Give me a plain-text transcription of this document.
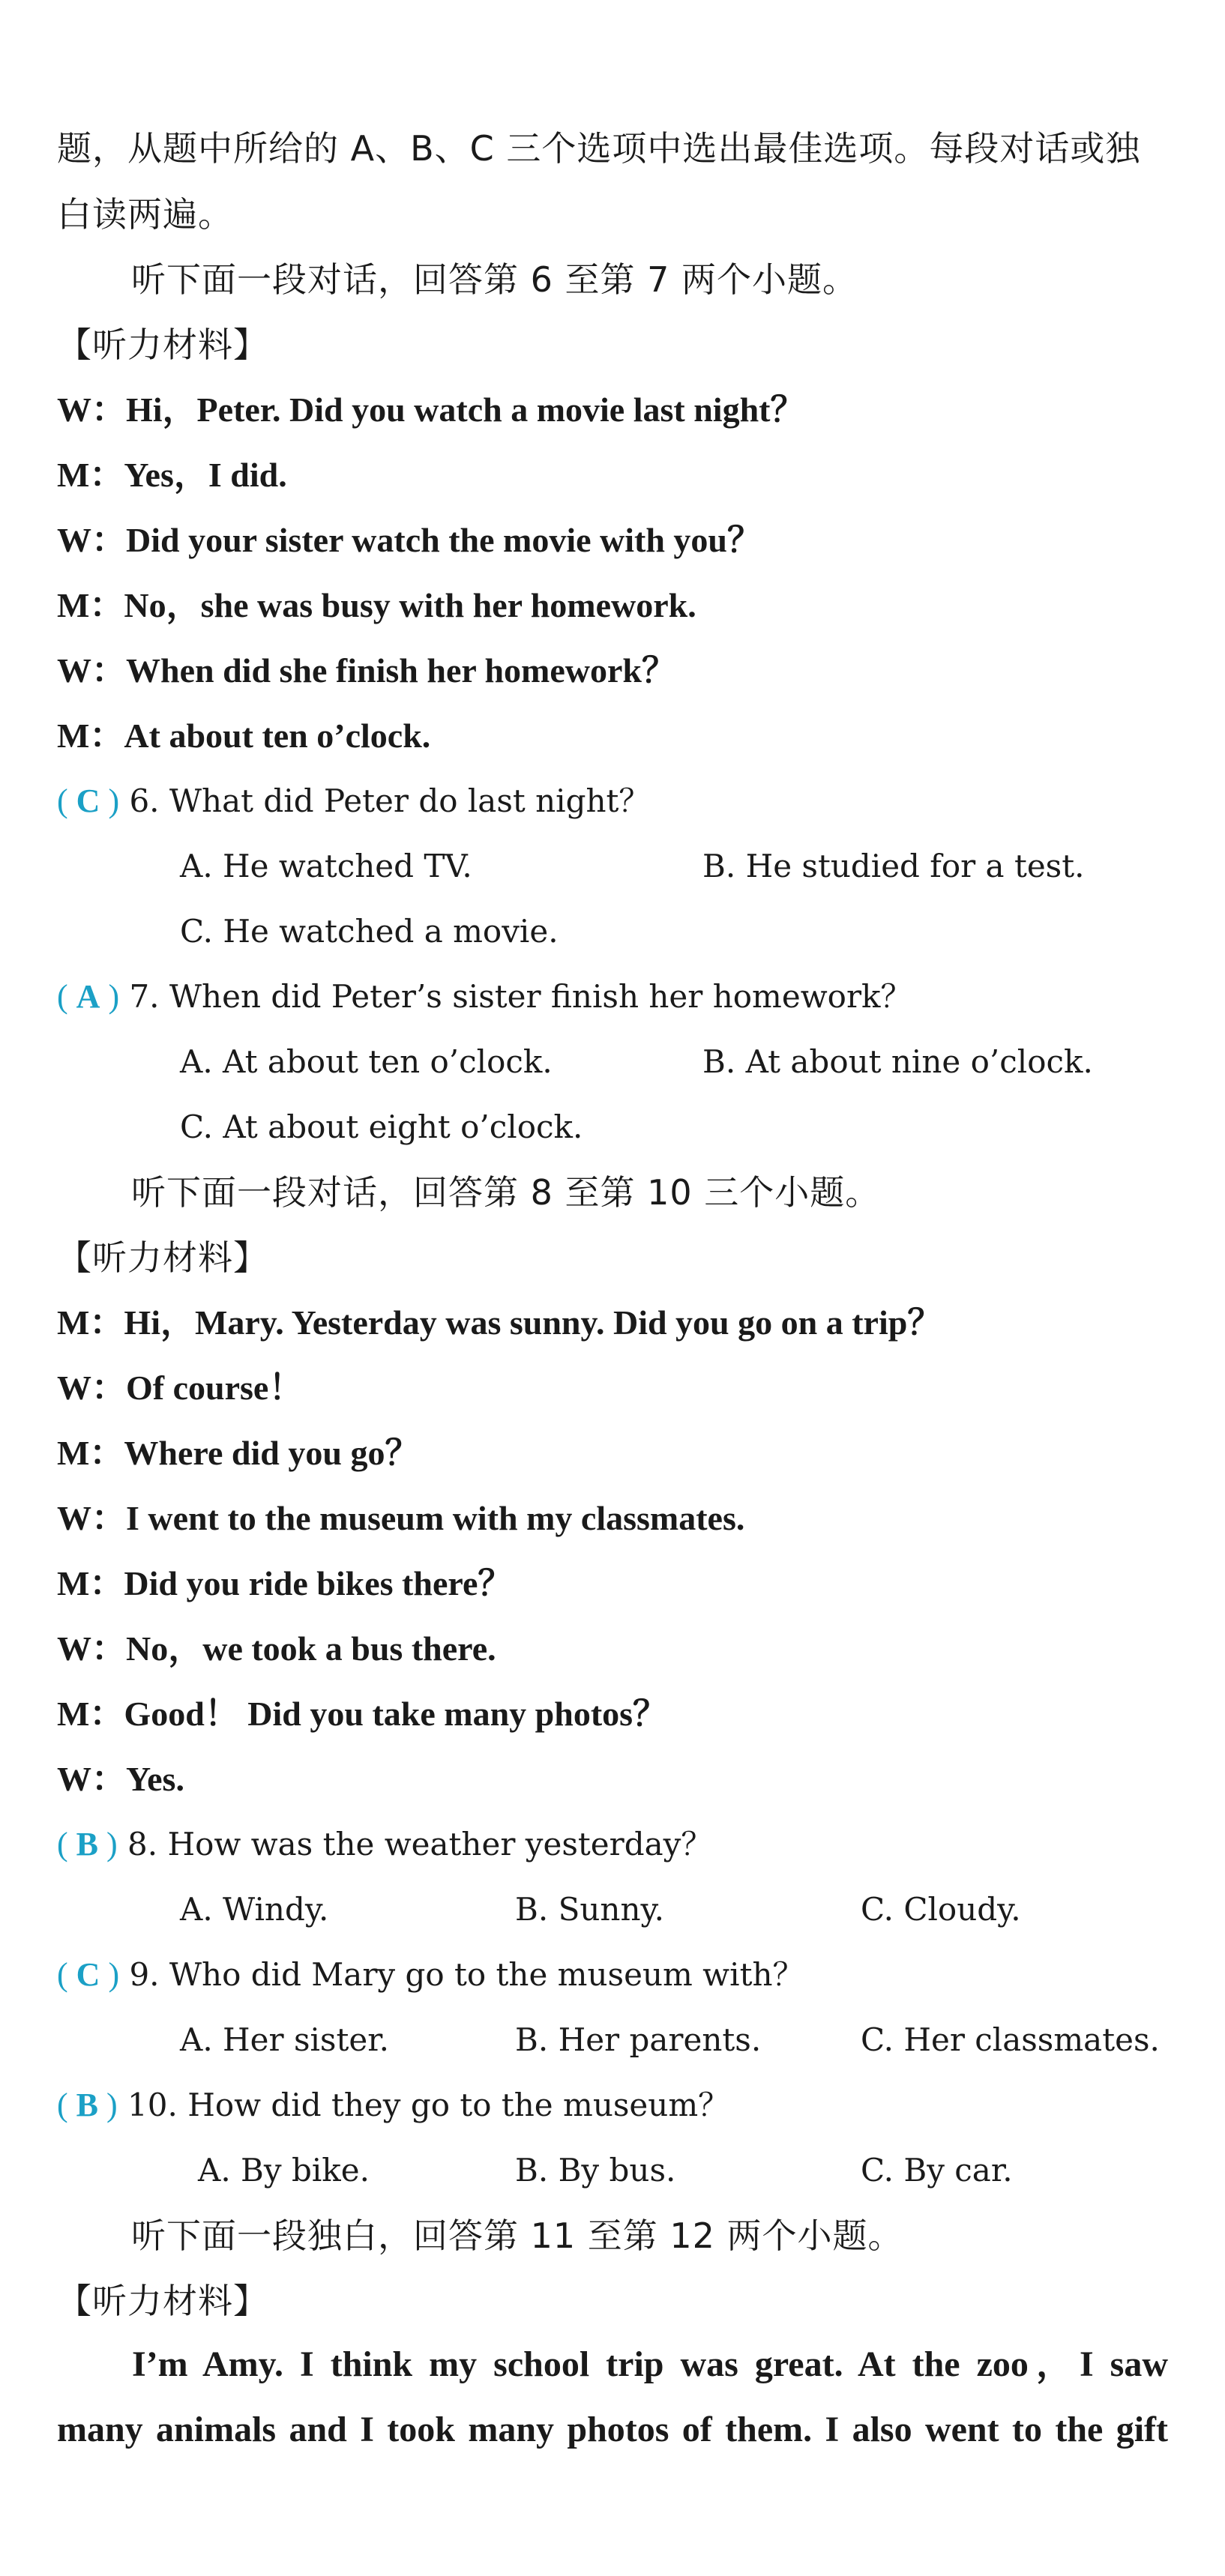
题，从题中所给的 A、B、C 三个选项中选出最佳选项。每段对话或独
白读两遍。
听下面一段对话，回答第 6 至第 7 两个小题。
【听力材料】
W：Hi，Peter. Did you watch a movie last night？
M：Yes，I did.
W：Did your sister watch the movie with you？
M：No，she was busy with her homework.
W：When did she finish her homework？
M：At about ten o’clock.
( C ) 6. What did Peter do last night？
A. He watched TV.	B. He studied for a test.
C. He watched a movie.
( A ) 7. When did Peter’s sister finish her homework？
A. At about ten o’clock.	B. At about nine o’clock.
C. At about eight o’clock.
听下面一段对话，回答第 8 至第 10 三个小题。
【听力材料】
M：Hi，Mary. Yesterday was sunny. Did you go on a trip？
W：Of course！
M：Where did you go？
W：I went to the museum with my classmates.
M：Did you ride bikes there？
W：No，we took a bus there.
M：Good！ Did you take many photos？
W：Yes.
( B ) 8. How was the weather yesterday？
A. Windy.	B. Sunny.	C. Cloudy.
( C ) 9. Who did Mary go to the museum with？
A. Her sister.	B. Her parents.	C. Her classmates.
( B ) 10. How did they go to the museum？
A. By bike.	B. By bus.	C. By car.
听下面一段独白，回答第 11 至第 12 两个小题。
【听力材料】
I’m Amy. I think my school trip was great. At the zoo，I saw
many animals and I took many photos of them. I also went to the gift
